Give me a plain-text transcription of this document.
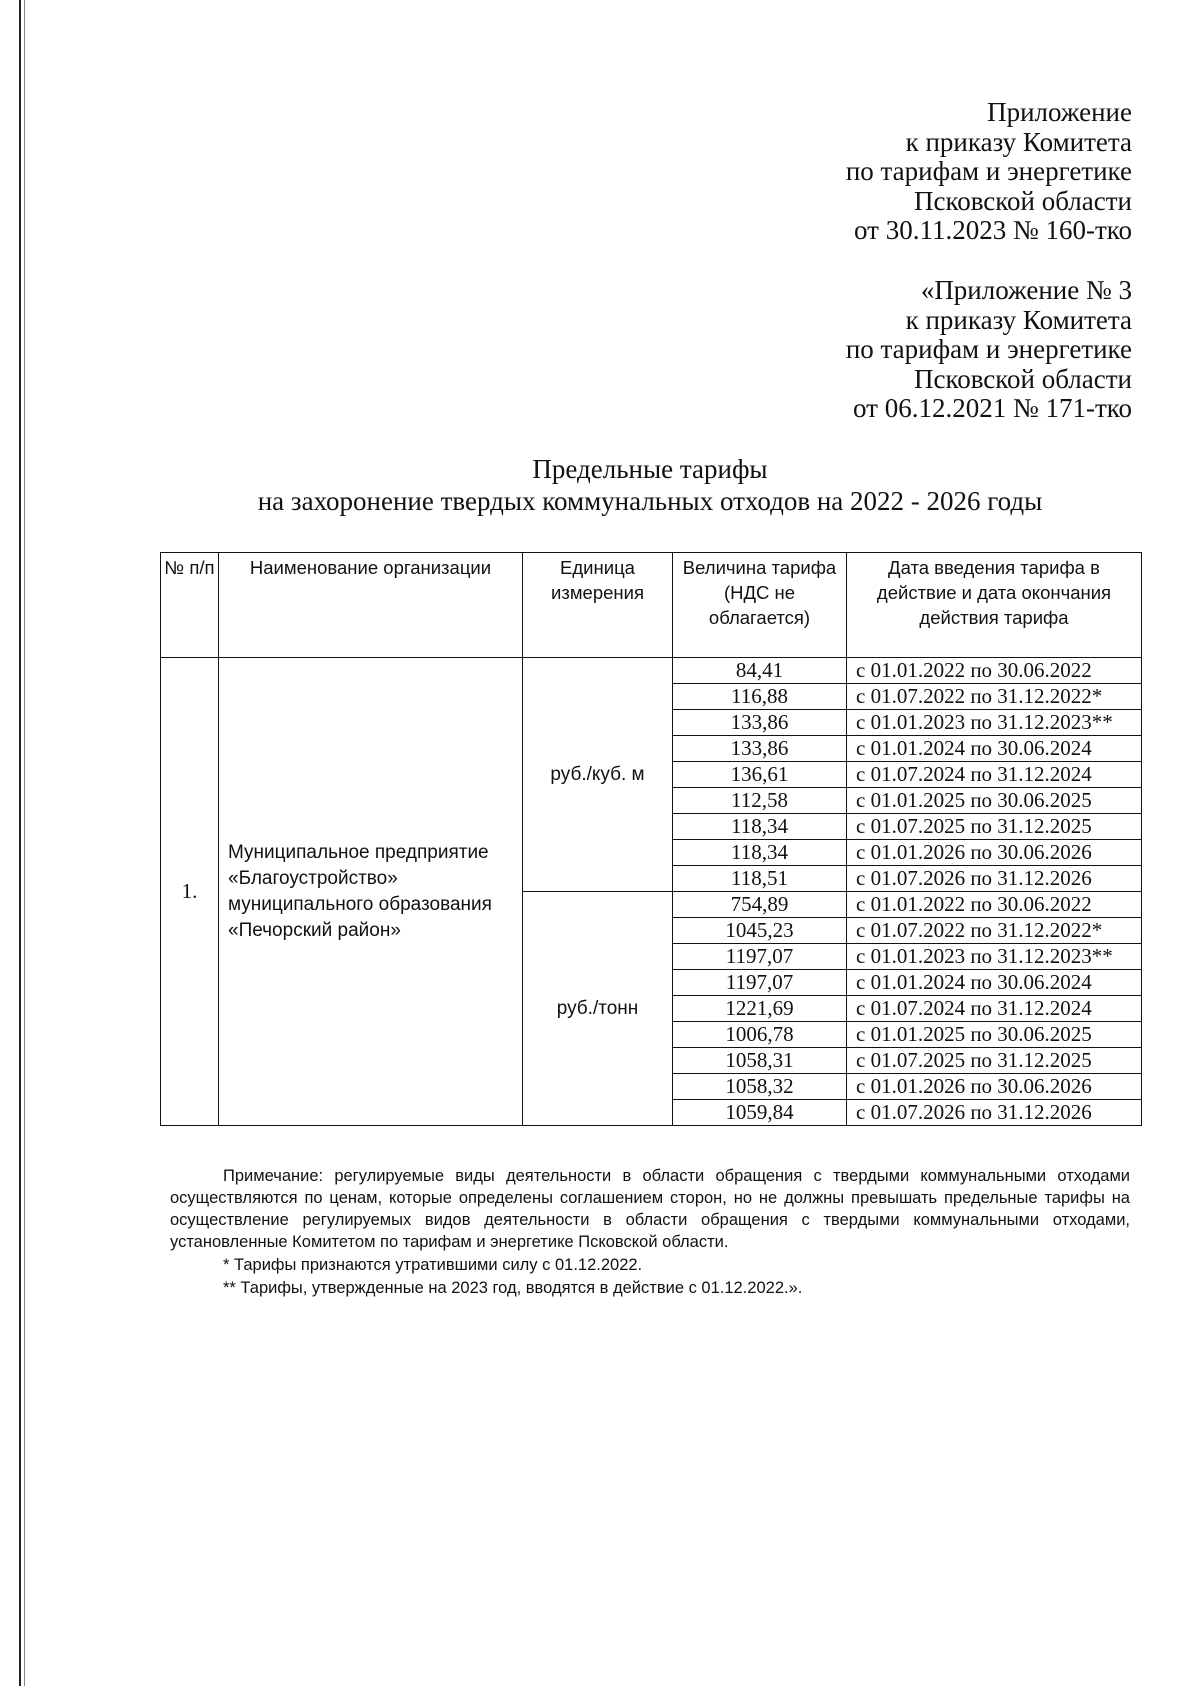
Приложение
к приказу Комитета
по тарифам и энергетике
Псковской области
от 30.11.2023 № 160-тко
«Приложение № 3
к приказу Комитета
по тарифам и энергетике
Псковской области
от 06.12.2021 № 171-тко
Предельные тарифы
на захоронение твердых коммунальных отходов на 2022 - 2026 годы
№ п/п	Наименование организации	Единица измерения	Величина тарифа (НДС не облагается)	Дата введения тарифа в действие и дата окончания действия тарифа
1.	Муниципальное предприятие «Благоустройство» муниципального образования «Печорский район»	руб./куб. м	84,41	с 01.01.2022 по 30.06.2022
			116,88	с 01.07.2022 по 31.12.2022*
			133,86	с 01.01.2023 по 31.12.2023**
			133,86	с 01.01.2024 по 30.06.2024
			136,61	с 01.07.2024 по 31.12.2024
			112,58	с 01.01.2025 по 30.06.2025
			118,34	с 01.07.2025 по 31.12.2025
			118,34	с 01.01.2026 по 30.06.2026
			118,51	с 01.07.2026 по 31.12.2026
		руб./тонн	754,89	с 01.01.2022 по 30.06.2022
			1045,23	с 01.07.2022 по 31.12.2022*
			1197,07	с 01.01.2023 по 31.12.2023**
			1197,07	с 01.01.2024 по 30.06.2024
			1221,69	с 01.07.2024 по 31.12.2024
			1006,78	с 01.01.2025 по 30.06.2025
			1058,31	с 01.07.2025 по 31.12.2025
			1058,32	с 01.01.2026 по 30.06.2026
			1059,84	с 01.07.2026 по 31.12.2026

Примечание: регулируемые виды деятельности в области обращения с твердыми коммунальными отходами осуществляются по ценам, которые определены соглашением сторон, но не должны превышать предельные тарифы на осуществление регулируемых видов деятельности в области обращения с твердыми коммунальными отходами, установленные Комитетом по тарифам и энергетике Псковской области.

* Тарифы признаются утратившими силу с 01.12.2022.
** Тарифы, утвержденные на 2023 год, вводятся в действие с 01.12.2022.».
